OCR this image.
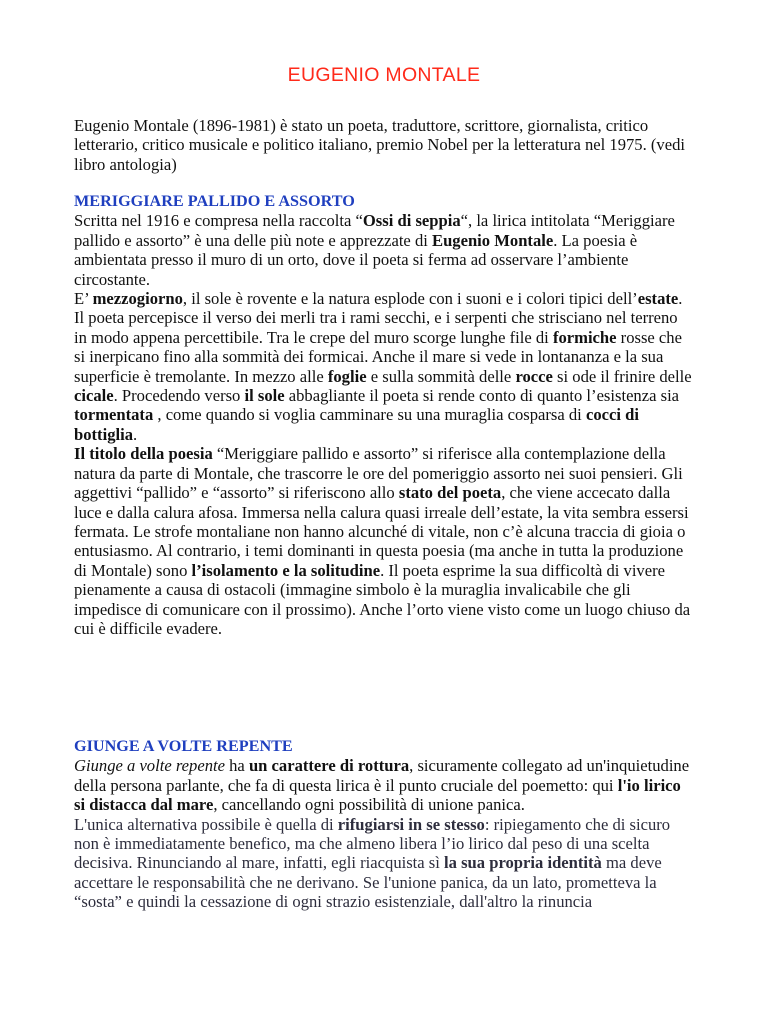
EUGENIO MONTALE

Eugenio Montale (1896-1981) è stato un poeta, traduttore, scrittore, giornalista, critico letterario, critico musicale e politico italiano, premio Nobel per la letteratura nel 1975. (vedi libro antologia)

MERIGGIARE PALLIDO E ASSORTO

Scritta nel 1916 e compresa nella raccolta “Ossi di seppia“, la lirica intitolata “Meriggiare pallido e assorto” è una delle più note e apprezzate di Eugenio Montale. La poesia è ambientata presso il muro di un orto, dove il poeta si ferma ad osservare l’ambiente circostante.

E’ mezzogiorno, il sole è rovente e la natura esplode con i suoni e i colori tipici dell’estate.

Il poeta percepisce il verso dei merli tra i rami secchi, e i serpenti che strisciano nel terreno in modo appena percettibile. Tra le crepe del muro scorge lunghe file di formiche rosse che si inerpicano fino alla sommità dei formicai. Anche il mare si vede in lontananza e la sua superficie è tremolante. In mezzo alle foglie e sulla sommità delle rocce si ode il frinire delle cicale. Procedendo verso il sole abbagliante il poeta si rende conto di quanto l’esistenza sia tormentata , come quando si voglia camminare su una muraglia cosparsa di cocci di bottiglia.

Il titolo della poesia “Meriggiare pallido e assorto” si riferisce alla contemplazione della natura da parte di Montale, che trascorre le ore del pomeriggio assorto nei suoi pensieri. Gli aggettivi “pallido” e “assorto” si riferiscono allo stato del poeta, che viene accecato dalla luce e dalla calura afosa. Immersa nella calura quasi irreale dell’estate, la vita sembra essersi fermata. Le strofe montaliane non hanno alcunché di vitale, non c’è alcuna traccia di gioia o entusiasmo. Al contrario, i temi dominanti in questa poesia (ma anche in tutta la produzione di Montale) sono l’isolamento e la solitudine. Il poeta esprime la sua difficoltà di vivere pienamente a causa di ostacoli (immagine simbolo è la muraglia invalicabile che gli impedisce di comunicare con il prossimo). Anche l’orto viene visto come un luogo chiuso da cui è difficile evadere.

GIUNGE A VOLTE REPENTE

Giunge a volte repente ha un carattere di rottura, sicuramente collegato ad un'inquietudine della persona parlante, che fa di questa lirica è il punto cruciale del poemetto: qui l'io lirico si distacca dal mare, cancellando ogni possibilità di unione panica.

L'unica alternativa possibile è quella di rifugiarsi in se stesso: ripiegamento che di sicuro non è immediatamente benefico, ma che almeno libera l’io lirico dal peso di una scelta decisiva. Rinunciando al mare, infatti, egli riacquista sì la sua propria identità ma deve accettare le responsabilità che ne derivano. Se l'unione panica, da un lato, prometteva la “sosta” e quindi la cessazione di ogni strazio esistenziale, dall'altro la rinuncia
